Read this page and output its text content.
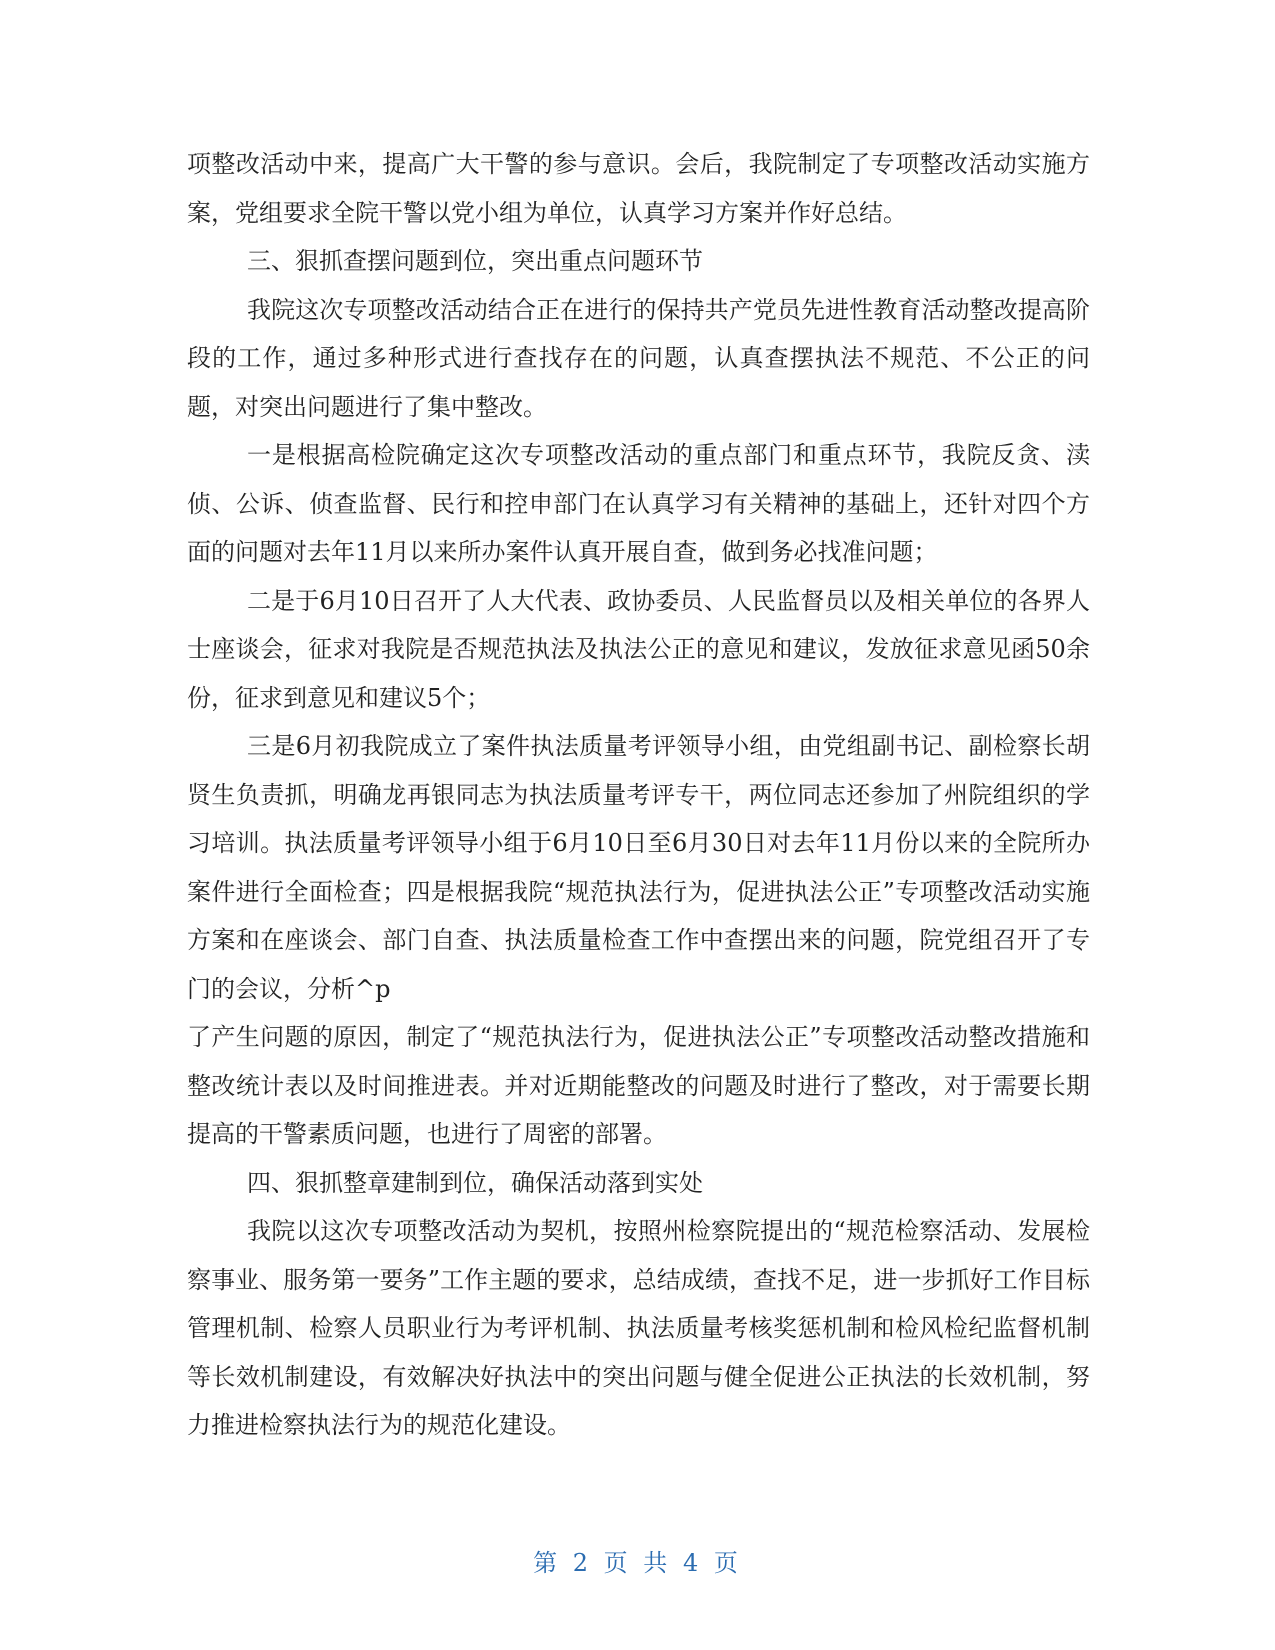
项整改活动中来，提高广大干警的参与意识。会后，我院制定了专项整改活动实施方案，党组要求全院干警以党小组为单位，认真学习方案并作好总结。

三、狠抓查摆问题到位，突出重点问题环节

我院这次专项整改活动结合正在进行的保持共产党员先进性教育活动整改提高阶段的工作，通过多种形式进行查找存在的问题，认真查摆执法不规范、不公正的问题，对突出问题进行了集中整改。

一是根据高检院确定这次专项整改活动的重点部门和重点环节，我院反贪、渎侦、公诉、侦查监督、民行和控申部门在认真学习有关精神的基础上，还针对四个方面的问题对去年11月以来所办案件认真开展自查，做到务必找准问题；

二是于6月10日召开了人大代表、政协委员、人民监督员以及相关单位的各界人士座谈会，征求对我院是否规范执法及执法公正的意见和建议，发放征求意见函50余份，征求到意见和建议5个；

三是6月初我院成立了案件执法质量考评领导小组，由党组副书记、副检察长胡贤生负责抓，明确龙再银同志为执法质量考评专干，两位同志还参加了州院组织的学习培训。执法质量考评领导小组于6月10日至6月30日对去年11月份以来的全院所办案件进行全面检查；四是根据我院“规范执法行为，促进执法公正”专项整改活动实施方案和在座谈会、部门自查、执法质量检查工作中查摆出来的问题，院党组召开了专门的会议，分析^p

了产生问题的原因，制定了“规范执法行为，促进执法公正”专项整改活动整改措施和整改统计表以及时间推进表。并对近期能整改的问题及时进行了整改，对于需要长期提高的干警素质问题，也进行了周密的部署。

四、狠抓整章建制到位，确保活动落到实处

我院以这次专项整改活动为契机，按照州检察院提出的“规范检察活动、发展检察事业、服务第一要务”工作主题的要求，总结成绩，查找不足，进一步抓好工作目标管理机制、检察人员职业行为考评机制、执法质量考核奖惩机制和检风检纪监督机制等长效机制建设，有效解决好执法中的突出问题与健全促进公正执法的长效机制，努力推进检察执法行为的规范化建设。

第 2 页 共 4 页
